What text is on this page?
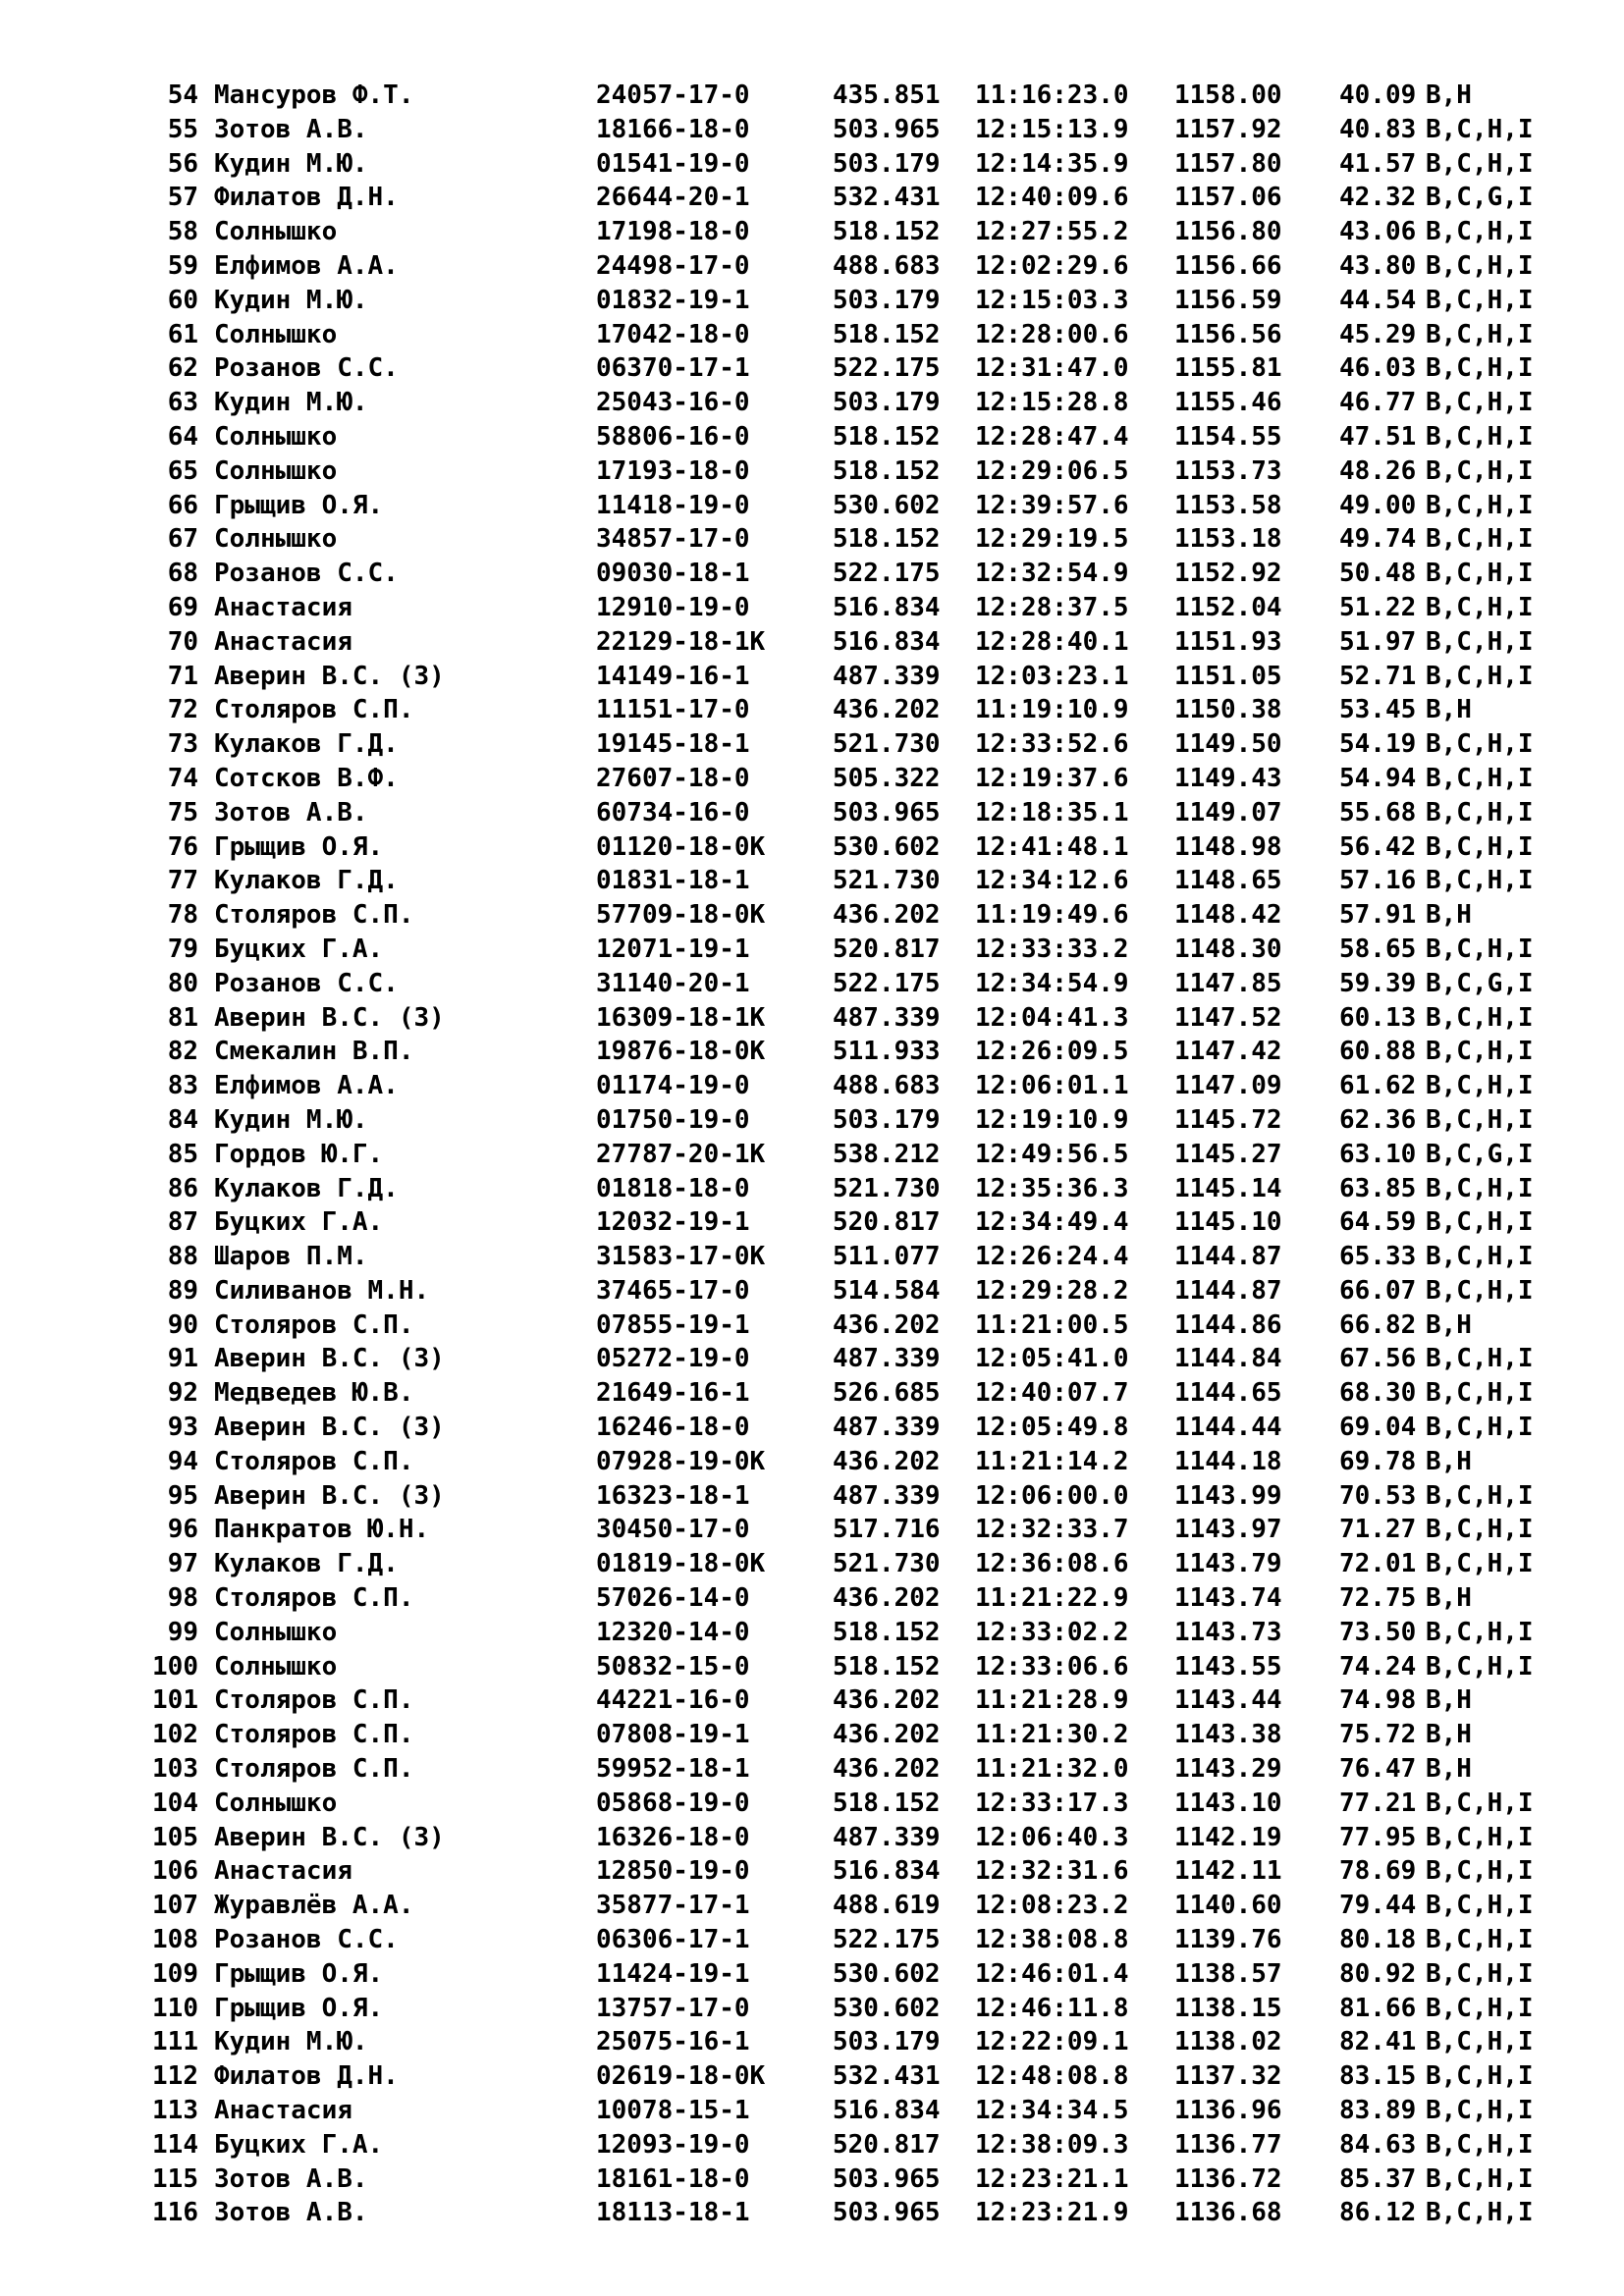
54 Мансуров Ф.Т.	24057-17-0	435.851 11:16:23.0 1158.00 40.09 B,H
55 Зотов А.В.	18166-18-0	503.965 12:15:13.9 1157.92 40.83 B,C,H,I
56 Кудин М.Ю.	01541-19-0	503.179 12:14:35.9 1157.80 41.57 B,C,H,I
57 Филатов Д.Н.	26644-20-1	532.431 12:40:09.6 1157.06 42.32 B,C,G,I
58 Солнышко	17198-18-0	518.152 12:27:55.2 1156.80 43.06 B,C,H,I
59 Елфимов А.А.	24498-17-0	488.683 12:02:29.6 1156.66 43.80 B,C,H,I
60 Кудин М.Ю.	01832-19-1	503.179 12:15:03.3 1156.59 44.54 B,C,H,I
61 Солнышко	17042-18-0	518.152 12:28:00.6 1156.56 45.29 B,C,H,I
62 Розанов С.С.	06370-17-1	522.175 12:31:47.0 1155.81 46.03 B,C,H,I
63 Кудин М.Ю.	25043-16-0	503.179 12:15:28.8 1155.46 46.77 B,C,H,I
64 Солнышко	58806-16-0	518.152 12:28:47.4 1154.55 47.51 B,C,H,I
65 Солнышко	17193-18-0	518.152 12:29:06.5 1153.73 48.26 B,C,H,I
66 Грыщив О.Я.	11418-19-0	530.602 12:39:57.6 1153.58 49.00 B,C,H,I
67 Солнышко	34857-17-0	518.152 12:29:19.5 1153.18 49.74 B,C,H,I
68 Розанов С.С.	09030-18-1	522.175 12:32:54.9 1152.92 50.48 B,C,H,I
69 Анастасия	12910-19-0	516.834 12:28:37.5 1152.04 51.22 B,C,H,I
70 Анастасия	22129-18-1K	516.834 12:28:40.1 1151.93 51.97 B,C,H,I
71 Аверин В.С. (З)	14149-16-1	487.339 12:03:23.1 1151.05 52.71 B,C,H,I
72 Столяров С.П.	11151-17-0	436.202 11:19:10.9 1150.38 53.45 B,H
73 Кулаков Г.Д.	19145-18-1	521.730 12:33:52.6 1149.50 54.19 B,C,H,I
74 Сотсков В.Ф.	27607-18-0	505.322 12:19:37.6 1149.43 54.94 B,C,H,I
75 Зотов А.В.	60734-16-0	503.965 12:18:35.1 1149.07 55.68 B,C,H,I
76 Грыщив О.Я.	01120-18-0K	530.602 12:41:48.1 1148.98 56.42 B,C,H,I
77 Кулаков Г.Д.	01831-18-1	521.730 12:34:12.6 1148.65 57.16 B,C,H,I
78 Столяров С.П.	57709-18-0K	436.202 11:19:49.6 1148.42 57.91 B,H
79 Буцких Г.А.	12071-19-1	520.817 12:33:33.2 1148.30 58.65 B,C,H,I
80 Розанов С.С.	31140-20-1	522.175 12:34:54.9 1147.85 59.39 B,C,G,I
81 Аверин В.С. (З)	16309-18-1K	487.339 12:04:41.3 1147.52 60.13 B,C,H,I
82 Смекалин В.П.	19876-18-0K	511.933 12:26:09.5 1147.42 60.88 B,C,H,I
83 Елфимов А.А.	01174-19-0	488.683 12:06:01.1 1147.09 61.62 B,C,H,I
84 Кудин М.Ю.	01750-19-0	503.179 12:19:10.9 1145.72 62.36 B,C,H,I
85 Гордов Ю.Г.	27787-20-1K	538.212 12:49:56.5 1145.27 63.10 B,C,G,I
86 Кулаков Г.Д.	01818-18-0	521.730 12:35:36.3 1145.14 63.85 B,C,H,I
87 Буцких Г.А.	12032-19-1	520.817 12:34:49.4 1145.10 64.59 B,C,H,I
88 Шаров П.М.	31583-17-0K	511.077 12:26:24.4 1144.87 65.33 B,C,H,I
89 Силиванов М.Н.	37465-17-0	514.584 12:29:28.2 1144.87 66.07 B,C,H,I
90 Столяров С.П.	07855-19-1	436.202 11:21:00.5 1144.86 66.82 B,H
91 Аверин В.С. (З)	05272-19-0	487.339 12:05:41.0 1144.84 67.56 B,C,H,I
92 Медведев Ю.В.	21649-16-1	526.685 12:40:07.7 1144.65 68.30 B,C,H,I
93 Аверин В.С. (З)	16246-18-0	487.339 12:05:49.8 1144.44 69.04 B,C,H,I
94 Столяров С.П.	07928-19-0K	436.202 11:21:14.2 1144.18 69.78 B,H
95 Аверин В.С. (З)	16323-18-1	487.339 12:06:00.0 1143.99 70.53 B,C,H,I
96 Панкратов Ю.Н.	30450-17-0	517.716 12:32:33.7 1143.97 71.27 B,C,H,I
97 Кулаков Г.Д.	01819-18-0K	521.730 12:36:08.6 1143.79 72.01 B,C,H,I
98 Столяров С.П.	57026-14-0	436.202 11:21:22.9 1143.74 72.75 B,H
99 Солнышко	12320-14-0	518.152 12:33:02.2 1143.73 73.50 B,C,H,I
100 Солнышко	50832-15-0	518.152 12:33:06.6 1143.55 74.24 B,C,H,I
101 Столяров С.П.	44221-16-0	436.202 11:21:28.9 1143.44 74.98 B,H
102 Столяров С.П.	07808-19-1	436.202 11:21:30.2 1143.38 75.72 B,H
103 Столяров С.П.	59952-18-1	436.202 11:21:32.0 1143.29 76.47 B,H
104 Солнышко	05868-19-0	518.152 12:33:17.3 1143.10 77.21 B,C,H,I
105 Аверин В.С. (З)	16326-18-0	487.339 12:06:40.3 1142.19 77.95 B,C,H,I
106 Анастасия	12850-19-0	516.834 12:32:31.6 1142.11 78.69 B,C,H,I
107 Журавлёв А.А.	35877-17-1	488.619 12:08:23.2 1140.60 79.44 B,C,H,I
108 Розанов С.С.	06306-17-1	522.175 12:38:08.8 1139.76 80.18 B,C,H,I
109 Грыщив О.Я.	11424-19-1	530.602 12:46:01.4 1138.57 80.92 B,C,H,I
110 Грыщив О.Я.	13757-17-0	530.602 12:46:11.8 1138.15 81.66 B,C,H,I
111 Кудин М.Ю.	25075-16-1	503.179 12:22:09.1 1138.02 82.41 B,C,H,I
112 Филатов Д.Н.	02619-18-0K	532.431 12:48:08.8 1137.32 83.15 B,C,H,I
113 Анастасия	10078-15-1	516.834 12:34:34.5 1136.96 83.89 B,C,H,I
114 Буцких Г.А.	12093-19-0	520.817 12:38:09.3 1136.77 84.63 B,C,H,I
115 Зотов А.В.	18161-18-0	503.965 12:23:21.1 1136.72 85.37 B,C,H,I
116 Зотов А.В.	18113-18-1	503.965 12:23:21.9 1136.68 86.12 B,C,H,I
